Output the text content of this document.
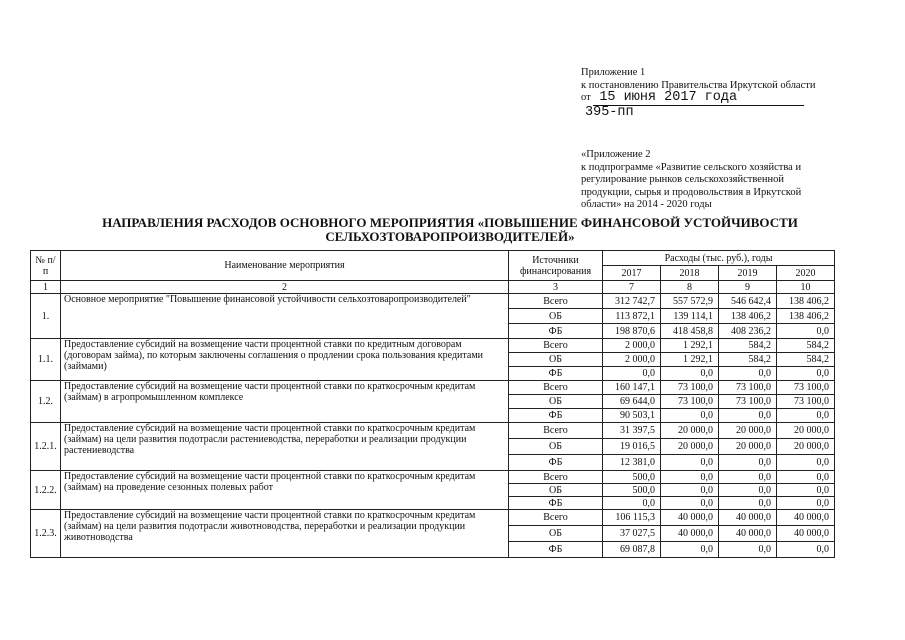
Приложение 1
к постановлению Правительства Иркутской области
от 15 июня 2017 года
395-пп
«Приложение 2
к подпрограмме «Развитие сельского хозяйства и регулирование рынков сельскохозяйственной продукции, сырья и продовольствия в Иркутской области» на 2014 - 2020 годы
НАПРАВЛЕНИЯ РАСХОДОВ ОСНОВНОГО МЕРОПРИЯТИЯ «ПОВЫШЕНИЕ ФИНАНСОВОЙ УСТОЙЧИВОСТИ
СЕЛЬХОЗТОВАРОПРОИЗВОДИТЕЛЕЙ»
№ п/п	Наименование мероприятия	Источники финансирования	Расходы (тыс. руб.), годы			
			2017	2018	2019	2020
1	2	3	7	8	9	10
1.	Основное мероприятие "Повышение финансовой устойчивости сельхозтоваропроизводителей"	Всего	312 742,7	557 572,9	546 642,4	138 406,2
		ОБ	113 872,1	139 114,1	138 406,2	138 406,2
		ФБ	198 870,6	418 458,8	408 236,2	0,0
1.1.	Предоставление субсидий на возмещение части процентной ставки по кредитным договорам (договорам займа), по которым заключены соглашения о продлении срока пользования кредитами (займами)	Всего	2 000,0	1 292,1	584,2	584,2
		ОБ	2 000,0	1 292,1	584,2	584,2
		ФБ	0,0	0,0	0,0	0,0
1.2.	Предоставление субсидий на возмещение части процентной ставки по краткосрочным кредитам (займам) в агропромышленном комплексе	Всего	160 147,1	73 100,0	73 100,0	73 100,0
		ОБ	69 644,0	73 100,0	73 100,0	73 100,0
		ФБ	90 503,1	0,0	0,0	0,0
1.2.1.	Предоставление субсидий на возмещение части процентной ставки по краткосрочным кредитам (займам) на цели развития подотрасли растениеводства, переработки и реализации продукции растениеводства	Всего	31 397,5	20 000,0	20 000,0	20 000,0
		ОБ	19 016,5	20 000,0	20 000,0	20 000,0
		ФБ	12 381,0	0,0	0,0	0,0
1.2.2.	Предоставление субсидий на возмещение части процентной ставки по краткосрочным кредитам (займам) на проведение сезонных полевых работ	Всего	500,0	0,0	0,0	0,0
		ОБ	500,0	0,0	0,0	0,0
		ФБ	0,0	0,0	0,0	0,0
1.2.3.	Предоставление субсидий на возмещение части процентной ставки по краткосрочным кредитам (займам) на цели развития подотрасли животноводства, переработки и реализации продукции животноводства	Всего	106 115,3	40 000,0	40 000,0	40 000,0
		ОБ	37 027,5	40 000,0	40 000,0	40 000,0
		ФБ	69 087,8	0,0	0,0	0,0
